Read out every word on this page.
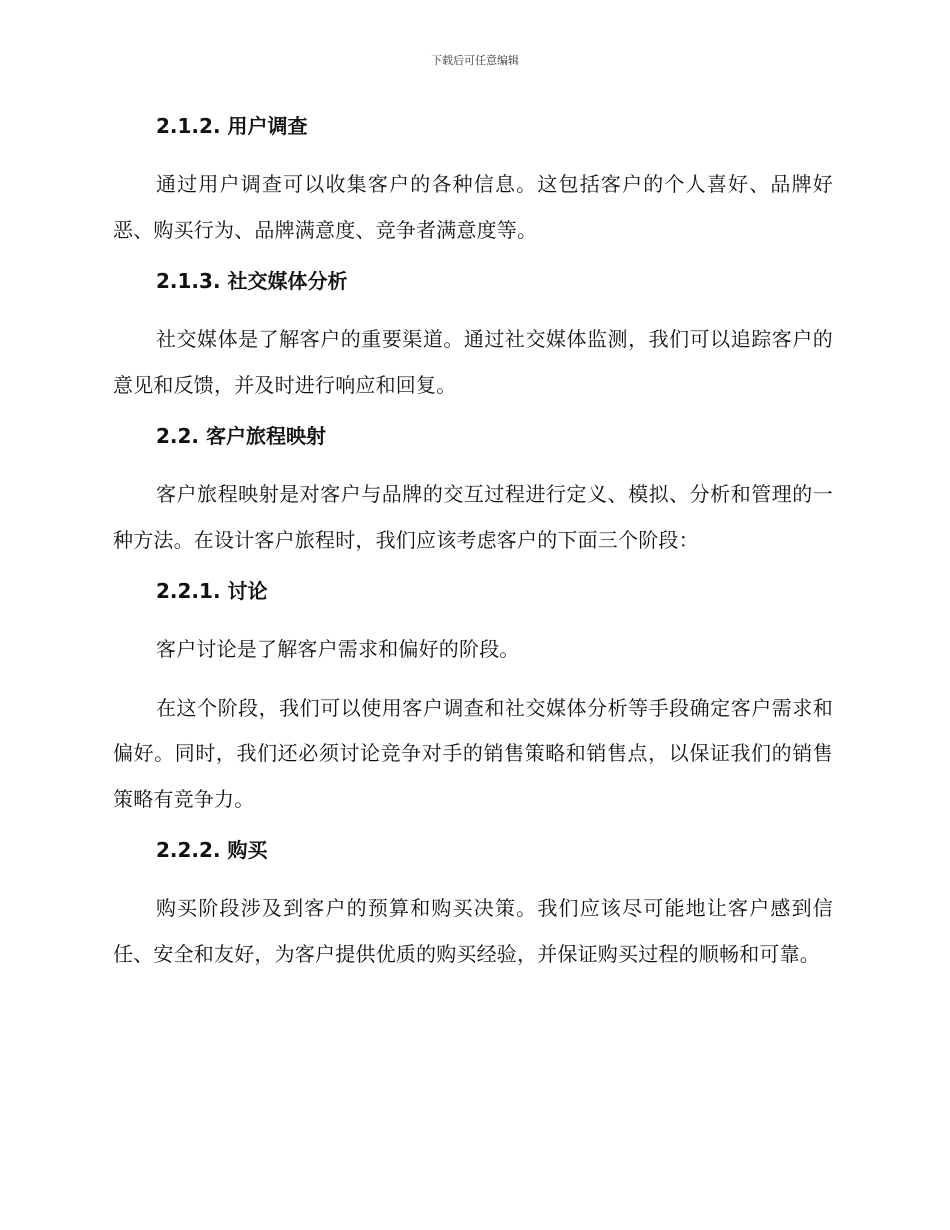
下载后可任意编辑
2.1.2. 用户调查

通过用户调查可以收集客户的各种信息。这包括客户的个人喜好、品牌好恶、购买行为、品牌满意度、竞争者满意度等。

2.1.3. 社交媒体分析

社交媒体是了解客户的重要渠道。通过社交媒体监测，我们可以追踪客户的意见和反馈，并及时进行响应和回复。

2.2. 客户旅程映射

客户旅程映射是对客户与品牌的交互过程进行定义、模拟、分析和管理的一种方法。在设计客户旅程时，我们应该考虑客户的下面三个阶段：

2.2.1. 讨论

客户讨论是了解客户需求和偏好的阶段。

在这个阶段，我们可以使用客户调查和社交媒体分析等手段确定客户需求和偏好。同时，我们还必须讨论竞争对手的销售策略和销售点，以保证我们的销售策略有竞争力。

2.2.2. 购买

购买阶段涉及到客户的预算和购买决策。我们应该尽可能地让客户感到信任、安全和友好，为客户提供优质的购买经验，并保证购买过程的顺畅和可靠。
